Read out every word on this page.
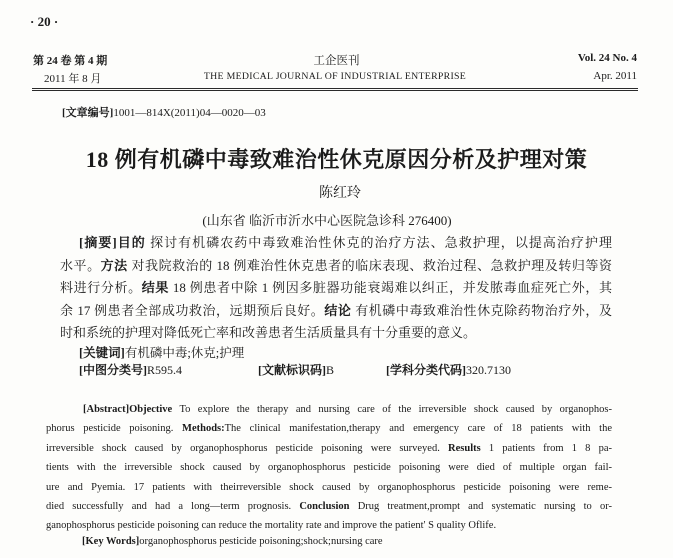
· 20 ·
第 24 卷 第 4 期
2011 年 8 月
工企医刊
THE MEDICAL JOURNAL OF INDUSTRIAL ENTERPRISE
Vol. 24 No. 4
Apr. 2011
[文章编号]1001—814X(2011)04—0020—03
18 例有机磷中毒致难治性休克原因分析及护理对策
陈红玲
(山东省 临沂市沂水中心医院急诊科 276400)
[摘要]目的 探讨有机磷农药中毒致难治性休克的治疗方法、急救护理，以提高治疗护理
水平。方法 对我院救治的 18 例难治性休克患者的临床表现、救治过程、急救护理及转归等资
料进行分析。结果 18 例患者中除 1 例因多脏器功能衰竭难以纠正，并发脓毒血症死亡外，其
余 17 例患者全部成功救治，远期预后良好。结论 有机磷中毒致难治性休克除药物治疗外，及
时和系统的护理对降低死亡率和改善患者生活质量具有十分重要的意义。
[关键词]有机磷中毒;休克;护理
[中图分类号]R595.4	[文献标识码]B	[学科分类代码]320.7130
[Abstract]Objective To explore the therapy and nursing care of the irreversible shock caused by organophos-
phorus pesticide poisoning. Methods:The clinical manifestation,therapy and emergency care of 18 patients with the
irreversible shock caused by organophosphorus pesticide poisoning were surveyed. Results 1 patients from 1 8 pa-
tients with the irreversible shock caused by organophosphorus pesticide poisoning were died of multiple organ fail-
ure and Pyemia. 17 patients with theirreversible shock caused by organophosphorus pesticide poisoning were reme-
died successfully and had a long—term prognosis. Conclusion Drug treatment,prompt and systematic nursing to or-
ganophosphorus pesticide poisoning can reduce the mortality rate and improve the patient' S quality Oflife.
[Key Words]organophosphorus pesticide poisoning;shock;nursing care
